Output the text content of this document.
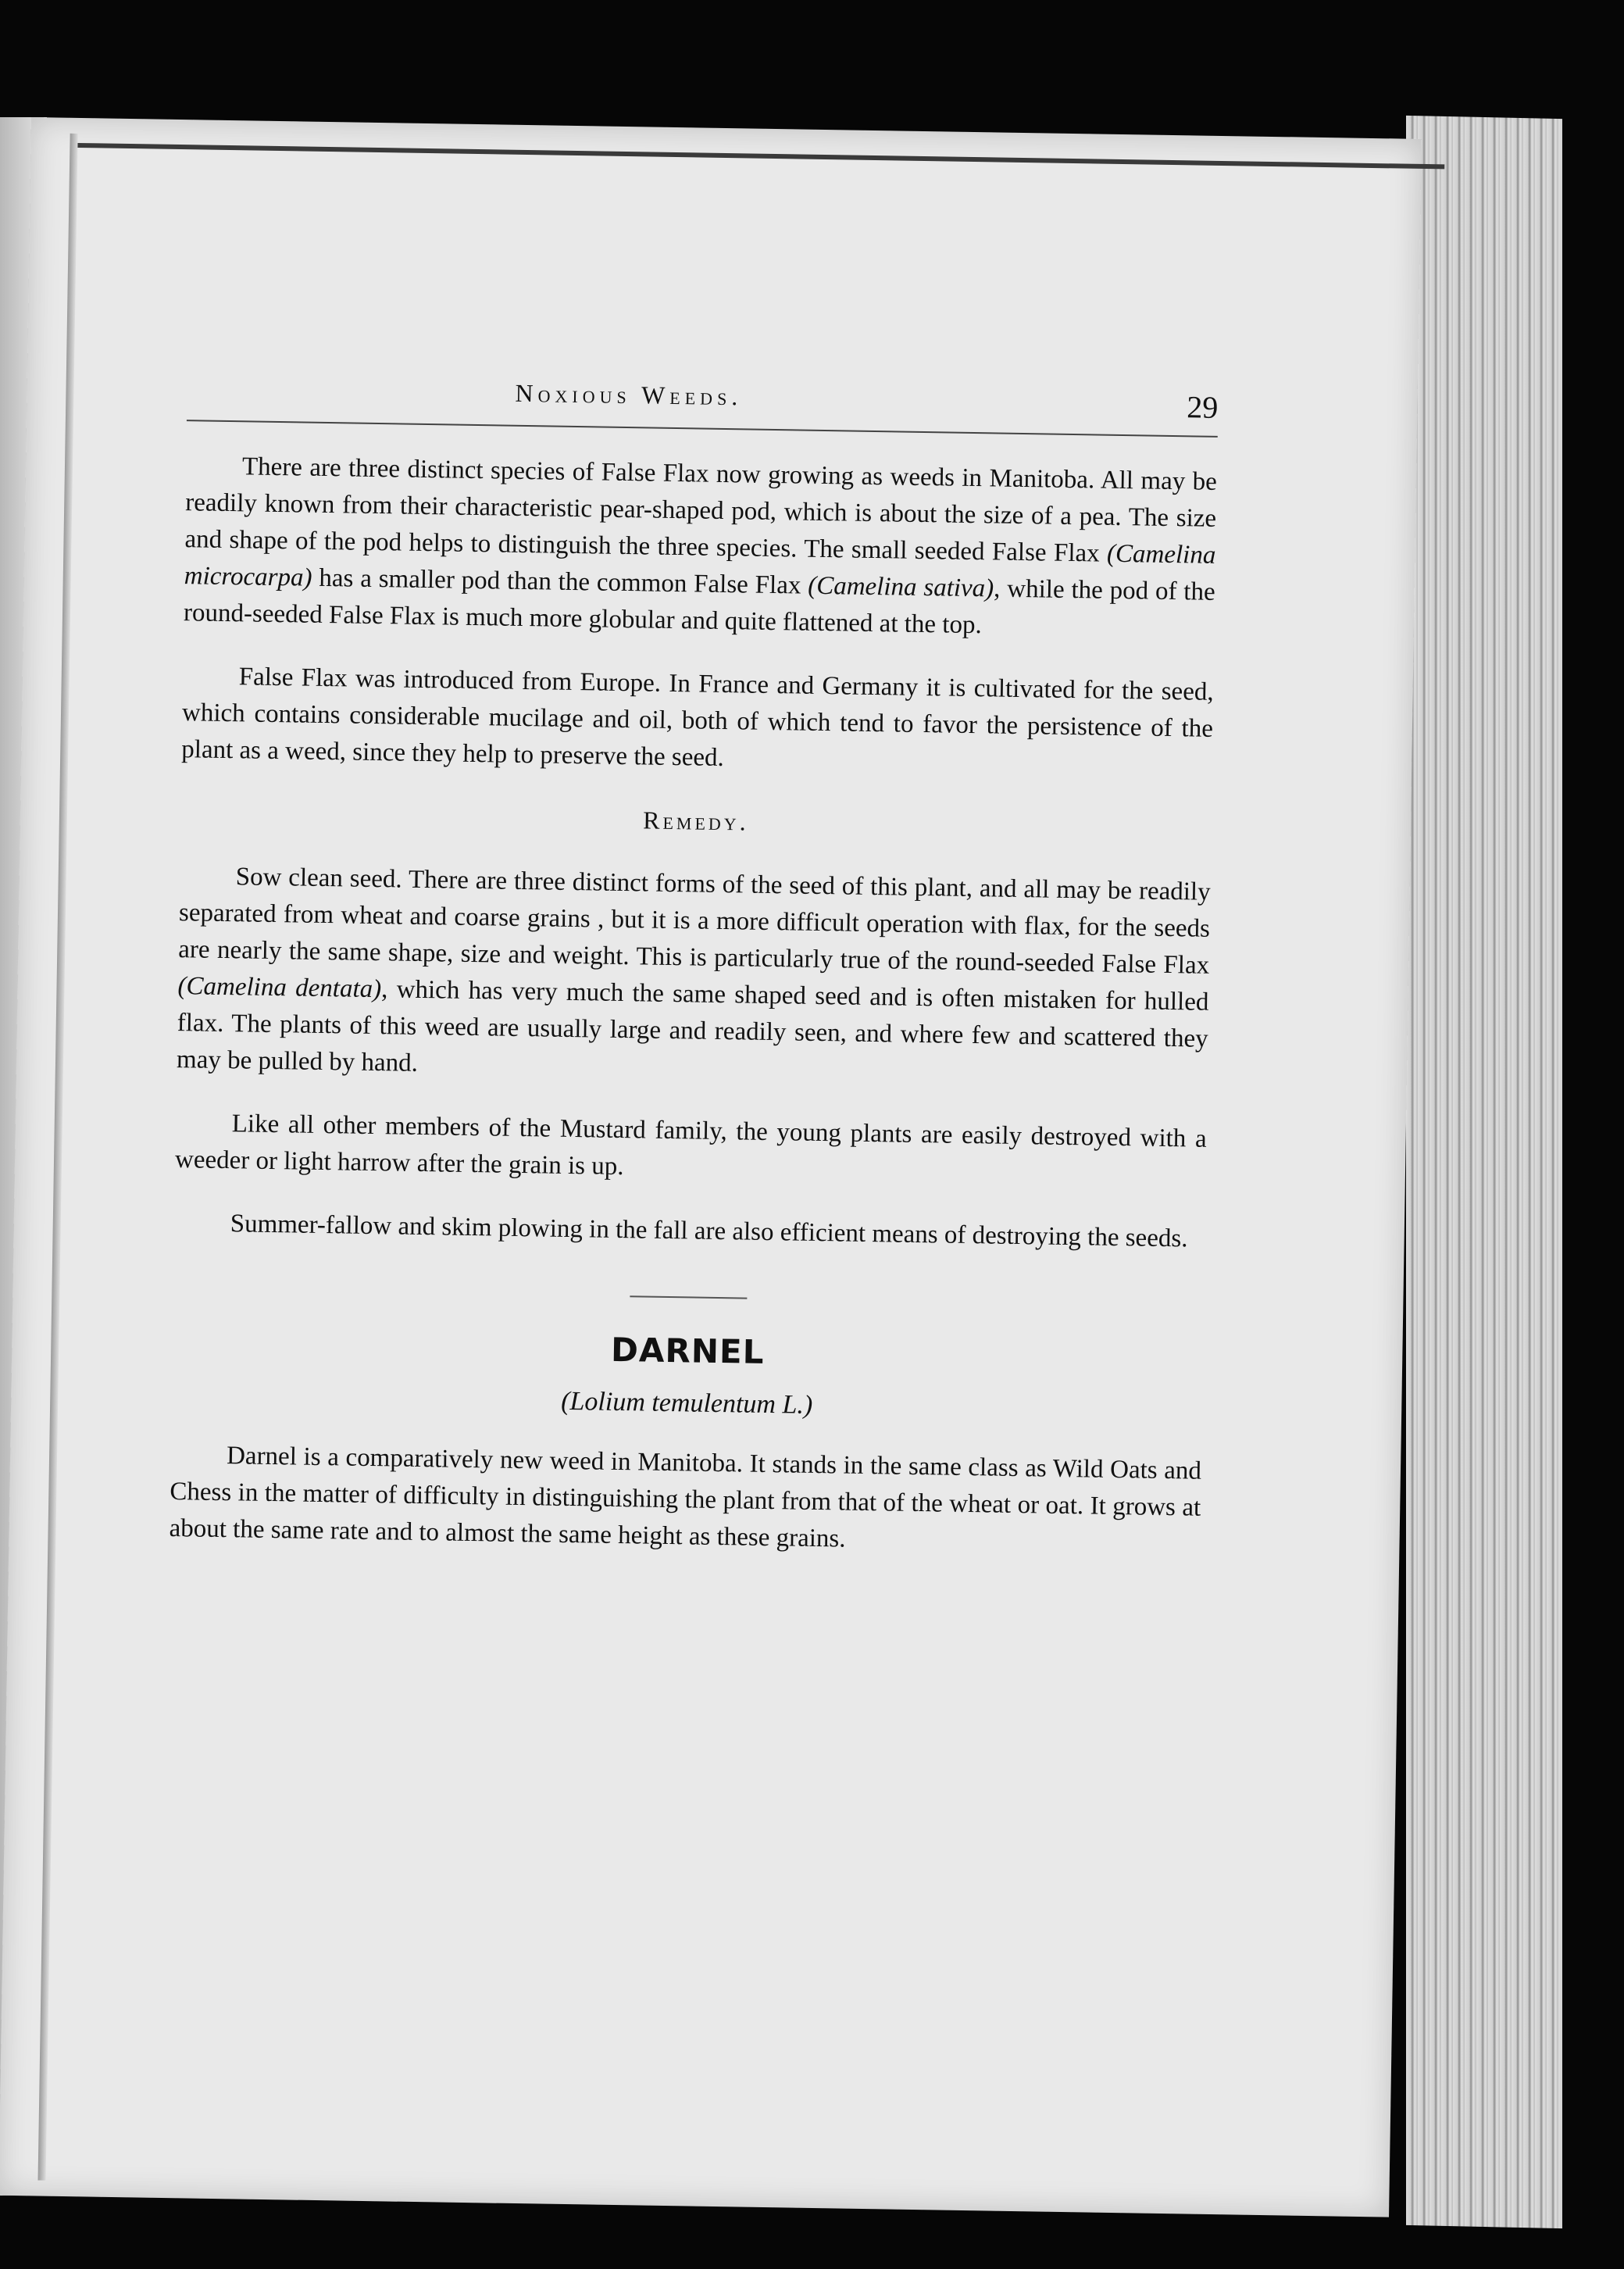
Noxious Weeds.	29

There are three distinct species of False Flax now growing as weeds in Manitoba. All may be readily known from their characteristic pear-shaped pod, which is about the size of a pea. The size and shape of the pod helps to distinguish the three species. The small seeded False Flax (Camelina microcarpa) has a smaller pod than the common False Flax (Camelina sativa), while the pod of the round-seeded False Flax is much more globular and quite flattened at the top.

False Flax was introduced from Europe. In France and Germany it is cultivated for the seed, which contains considerable mucilage and oil, both of which tend to favor the persistence of the plant as a weed, since they help to preserve the seed.

Remedy.

Sow clean seed. There are three distinct forms of the seed of this plant, and all may be readily separated from wheat and coarse grains , but it is a more difficult operation with flax, for the seeds are nearly the same shape, size and weight. This is particularly true of the round-seeded False Flax (Camelina dentata), which has very much the same shaped seed and is often mistaken for hulled flax. The plants of this weed are usually large and readily seen, and where few and scattered they may be pulled by hand.

Like all other members of the Mustard family, the young plants are easily destroyed with a weeder or light harrow after the grain is up.

Summer-fallow and skim plowing in the fall are also efficient means of destroying the seeds.

DARNEL
(Lolium temulentum L.)

Darnel is a comparatively new weed in Manitoba. It stands in the same class as Wild Oats and Chess in the matter of difficulty in distinguishing the plant from that of the wheat or oat. It grows at about the same rate and to almost the same height as these grains.
